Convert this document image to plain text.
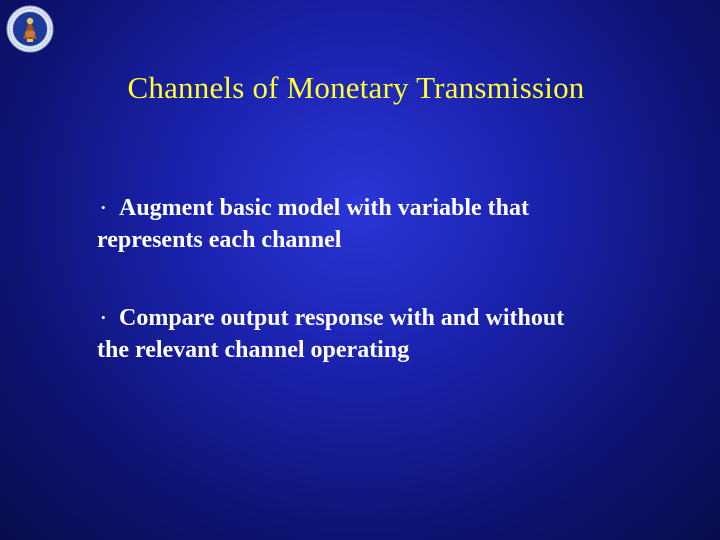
Channels of Monetary Transmission
• Augment basic model with variable that
represents each channel
• Compare output response with and without
the relevant channel operating
